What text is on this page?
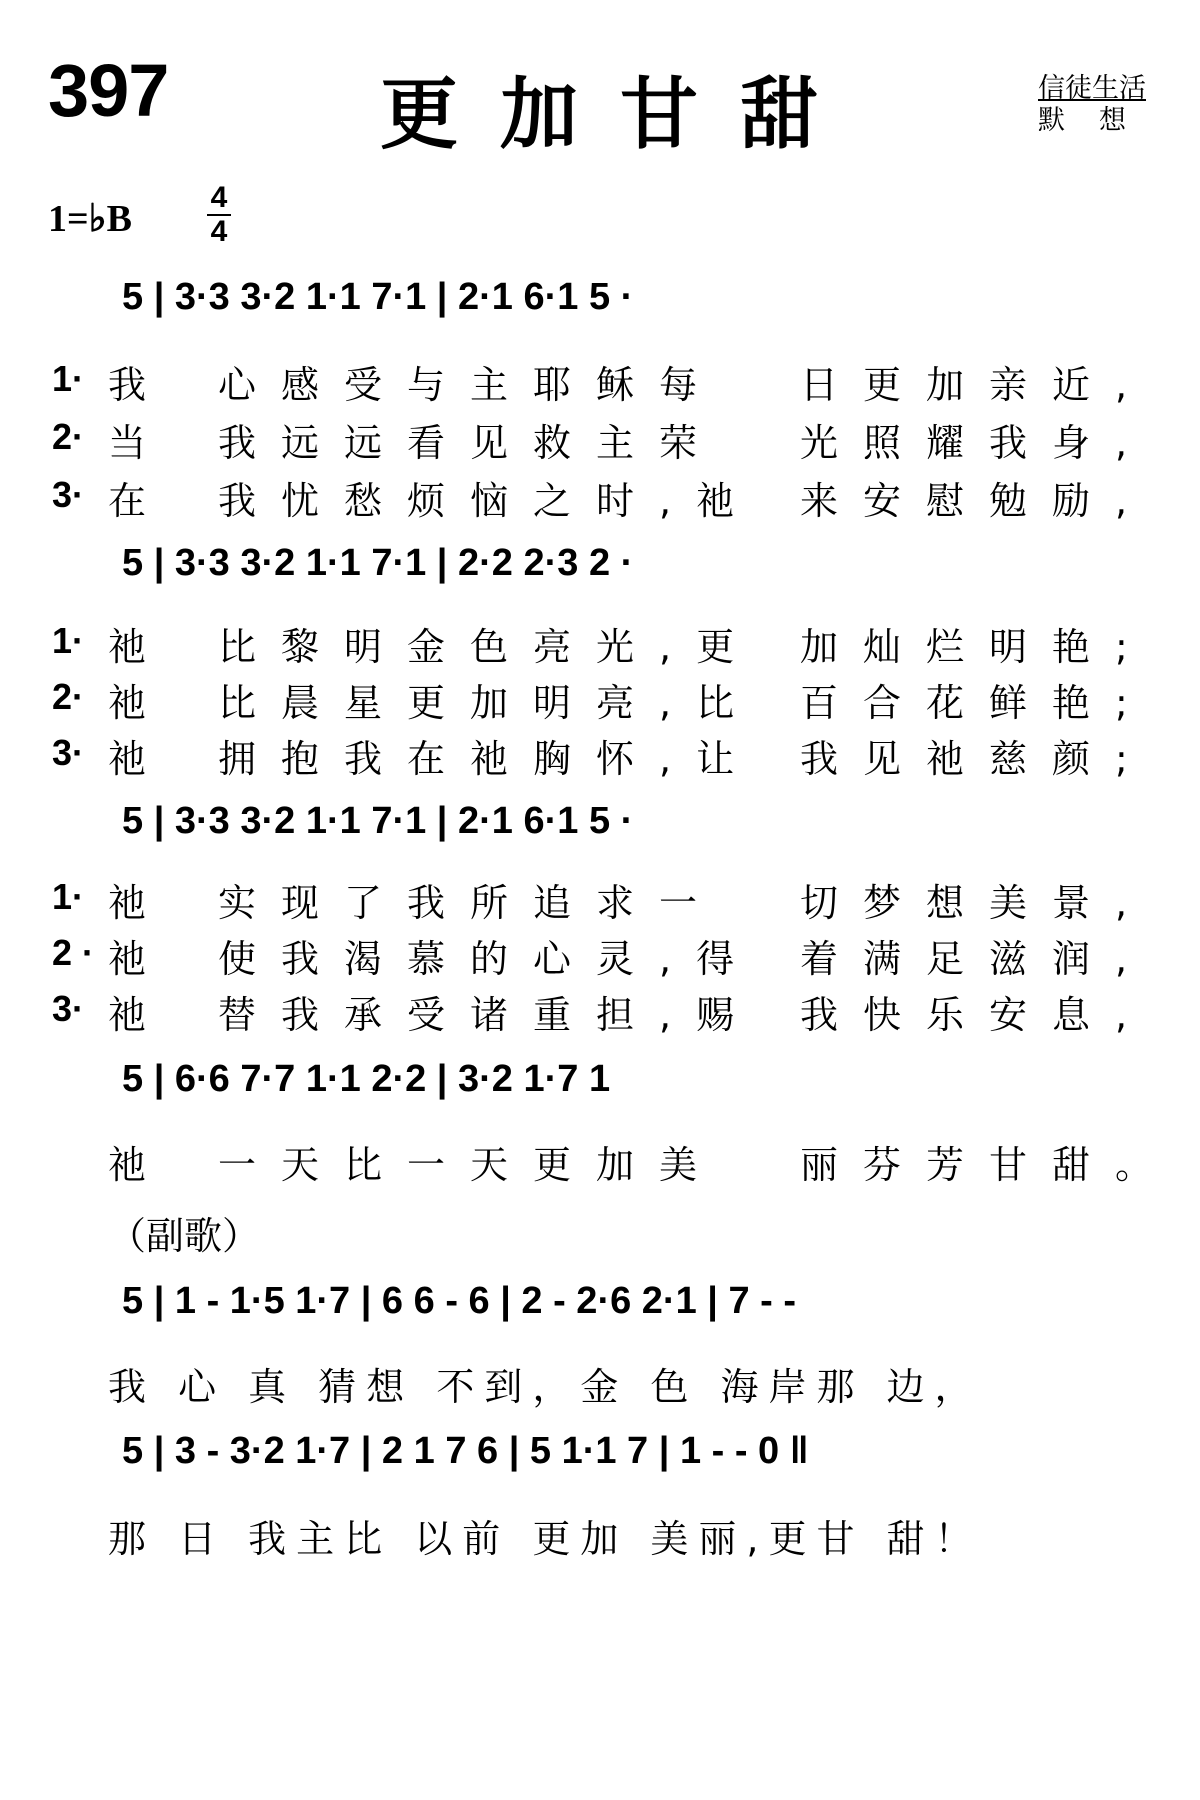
397	更加甘甜	信徒生活
默想
1=♭B
4
4
5 | 3·3 3·2 1·1 7·1 | 2·1 6·1 5 ·
1· 我 心感受与主耶稣每 日更加亲近,
2· 当 我远远看见救主荣 光照耀我身,
3· 在 我忧愁烦恼之时,祂 来安慰勉励,
5 | 3·3 3·2 1·1 7·1 | 2·2 2·3 2 ·
1· 祂 比黎明金色亮光,更 加灿烂明艳;
2· 祂 比晨星更加明亮,比 百合花鲜艳;
3· 祂 拥抱我在祂胸怀,让 我见祂慈颜;
5 | 3·3 3·2 1·1 7·1 | 2·1 6·1 5 ·
1· 祂 实现了我所追求一 切梦想美景,
2 · 祂 使我渴慕的心灵,得 着满足滋润,
3· 祂 替我承受诸重担,赐 我快乐安息,
5 | 6·6 7·7 1·1 2·2 | 3·2 1·7 1
祂 一天比一天更加美 丽芬芳甘甜。
（副歌）
5 | 1 - 1·5 1·7 | 6 6 - 6 | 2 - 2·6 2·1 | 7 - -
我 心 真 猜想 不到，金 色 海岸那 边，
5 | 3 - 3·2 1·7 | 2 1 7 6 | 5 1·1 7 | 1 - - 0 ‖
那 日 我主比 以前 更加 美丽,更甘 甜！
